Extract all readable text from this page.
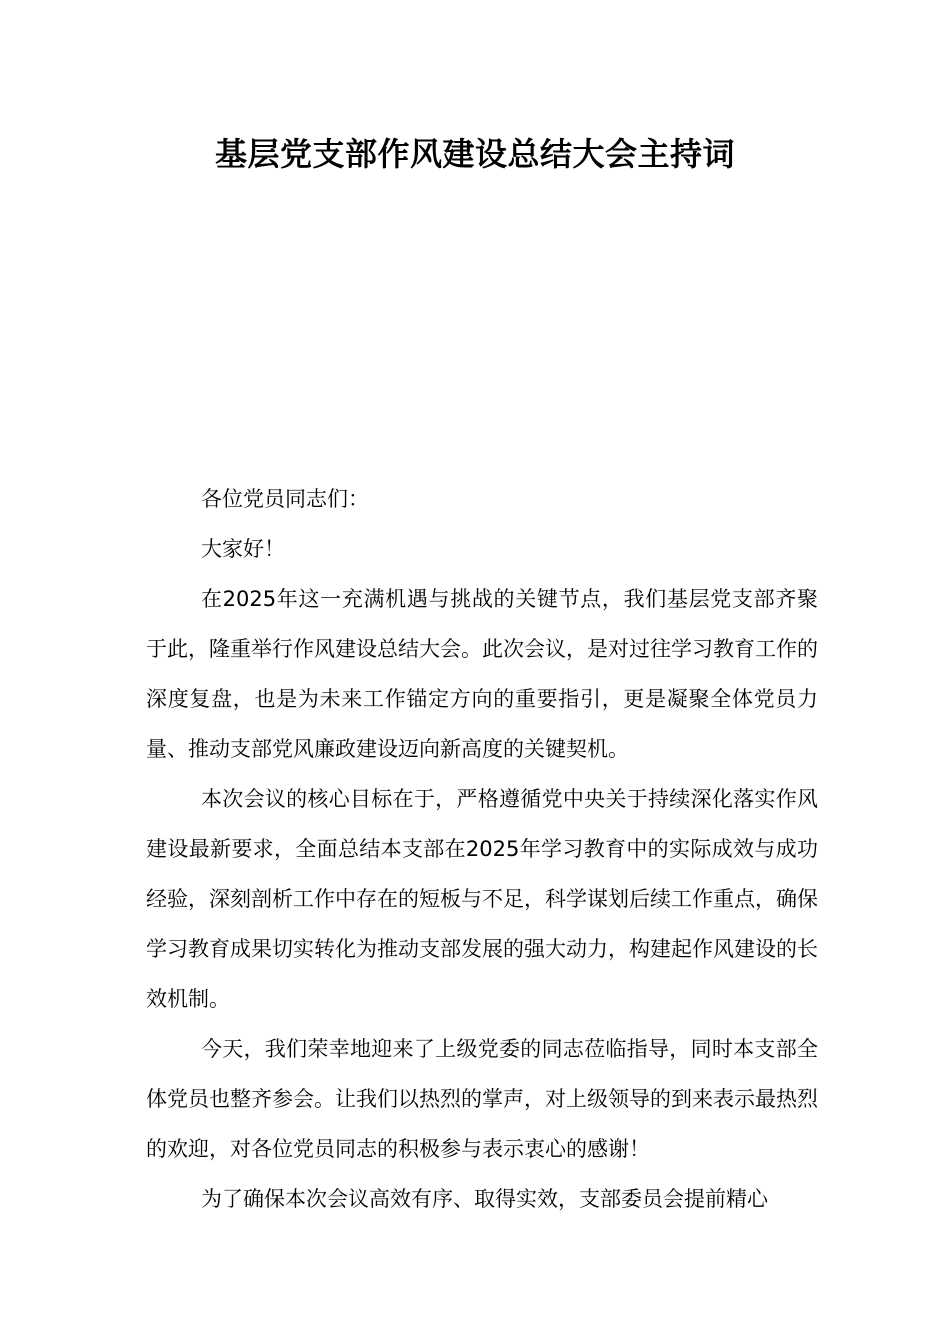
基层党支部作风建设总结大会主持词

各位党员同志们：

大家好！

在2025年这一充满机遇与挑战的关键节点，我们基层党支部齐聚于此，隆重举行作风建设总结大会。此次会议，是对过往学习教育工作的深度复盘，也是为未来工作锚定方向的重要指引，更是凝聚全体党员力量、推动支部党风廉政建设迈向新高度的关键契机。

本次会议的核心目标在于，严格遵循党中央关于持续深化落实作风建设最新要求，全面总结本支部在2025年学习教育中的实际成效与成功经验，深刻剖析工作中存在的短板与不足，科学谋划后续工作重点，确保学习教育成果切实转化为推动支部发展的强大动力，构建起作风建设的长效机制。

今天，我们荣幸地迎来了上级党委的同志莅临指导，同时本支部全体党员也整齐参会。让我们以热烈的掌声，对上级领导的到来表示最热烈的欢迎，对各位党员同志的积极参与表示衷心的感谢！

为了确保本次会议高效有序、取得实效，支部委员会提前精心
